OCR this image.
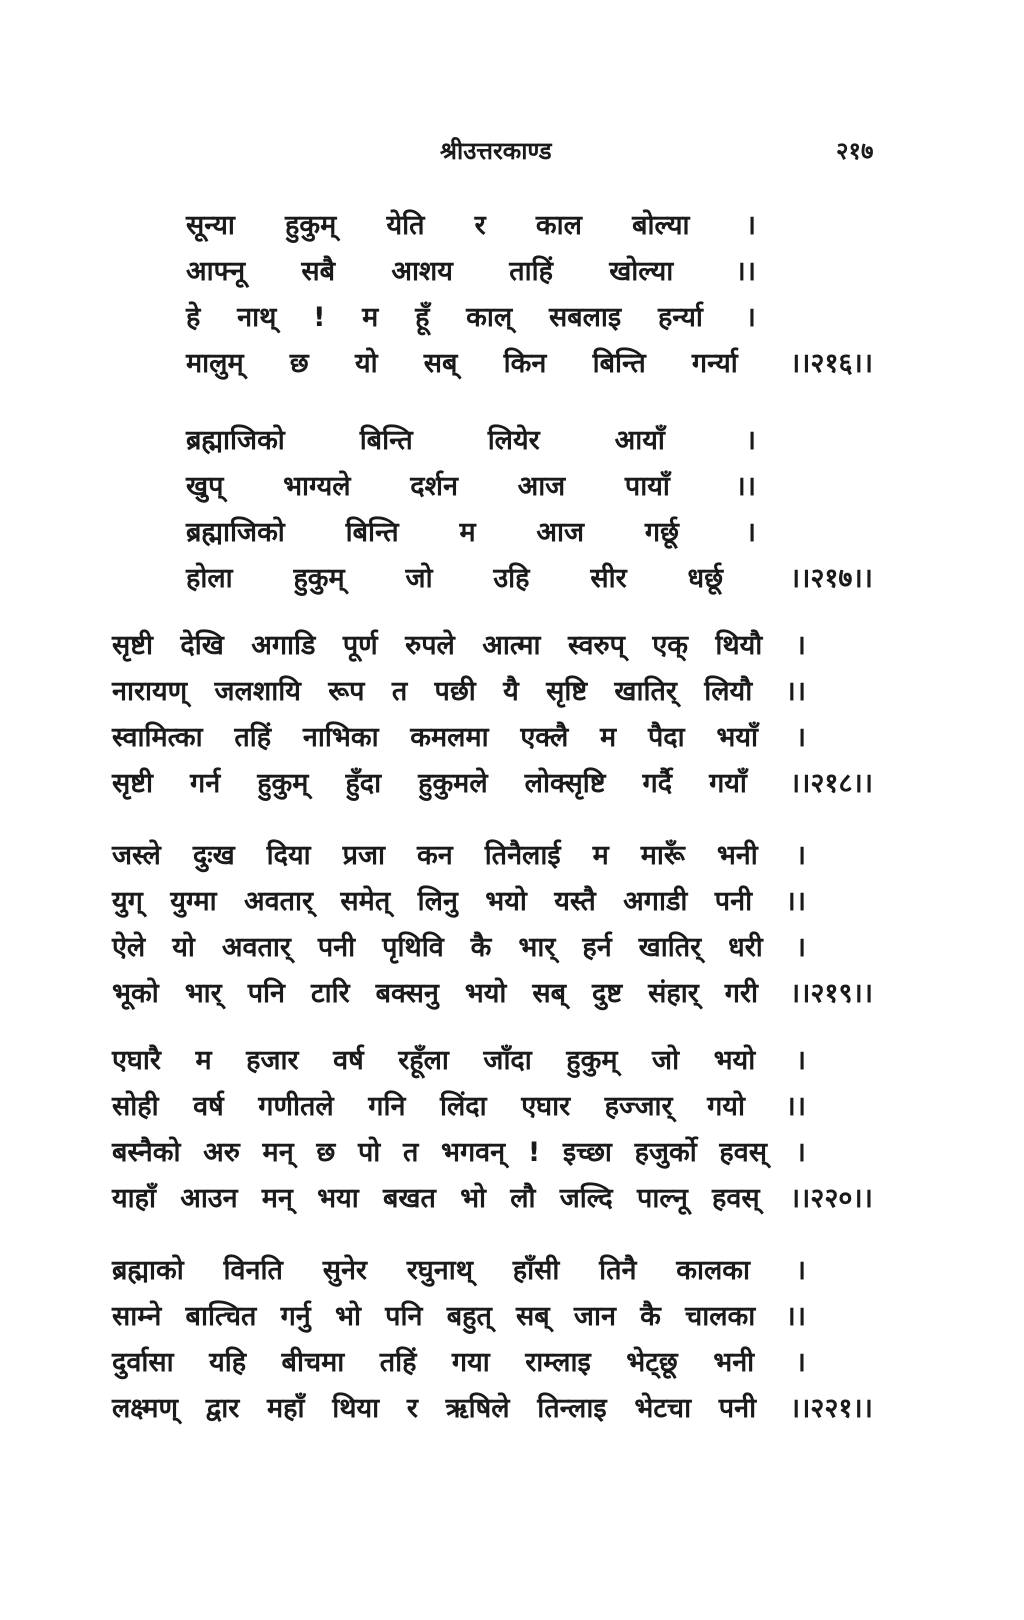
श्रीउत्तरकाण्ड	२१७
सून्या हुकुम् येति र काल बोल्या ।
आफ्नू सबै आशय ताहिं खोल्या ।।
हे नाथ् ! म हूँ काल् सबलाइ हर्न्या ।
मालुम् छ यो सब् किन बिन्ति गर्न्या ।।२१६।।
ब्रह्माजिको	बिन्ति	लियेर	आयाँ	।
खुप् भाग्यले दर्शन आज पायाँ ।।
ब्रह्माजिको बिन्ति म आज गर्छू ।
होला हुकुम् जो उहि सीर धर्छू ।।२१७।।
सृष्टी देखि अगाडि पूर्ण रुपले आत्मा स्वरुप् एक् थियौ ।
नारायण् जलशायि रूप त पछी यै सृष्टि खातिर् लियौ ।।
स्वामित्का तहिं नाभिका कमलमा एक्लै म पैदा भयाँ ।
सृष्टी गर्न हुकुम् हुँदा हुकुमले लोक्सृष्टि गर्दै गयाँ ।।२१८।।
जस्ले दुःख दिया प्रजा कन तिनैलाई म मारूँ भनी ।
युग् युग्मा अवतार् समेत् लिनु भयो यस्तै अगाडी पनी ।।
ऐले यो अवतार् पनी पृथिवि कै भार् हर्न खातिर् धरी ।
भूको भार् पनि टारि बक्सनु भयो सब् दुष्ट संहार् गरी ।।२१९।।
एघारै म हजार वर्ष रहूँला जाँदा हुकुम् जो भयो ।
सोही वर्ष गणीतले गनि लिंदा एघार हज्जार् गयो ।।
बस्नैको अरु मन् छ पो त भगवन् ! इच्छा हजुर्को हवस् ।
याहाँ आउन मन् भया बखत भो लौ जल्दि पाल्नू हवस् ।।२२०।।
ब्रह्माको विनति सुनेर रघुनाथ् हाँसी तिनै कालका ।
साम्ने बात्चित गर्नु भो पनि बहुत् सब् जान कै चालका ।।
दुर्वासा यहि बीचमा तहिं गया राम्लाइ भेट्छू भनी ।
लक्ष्मण् द्वार महाँ थिया र ऋषिले तिन्लाइ भेटचा पनी ।।२२१।।
